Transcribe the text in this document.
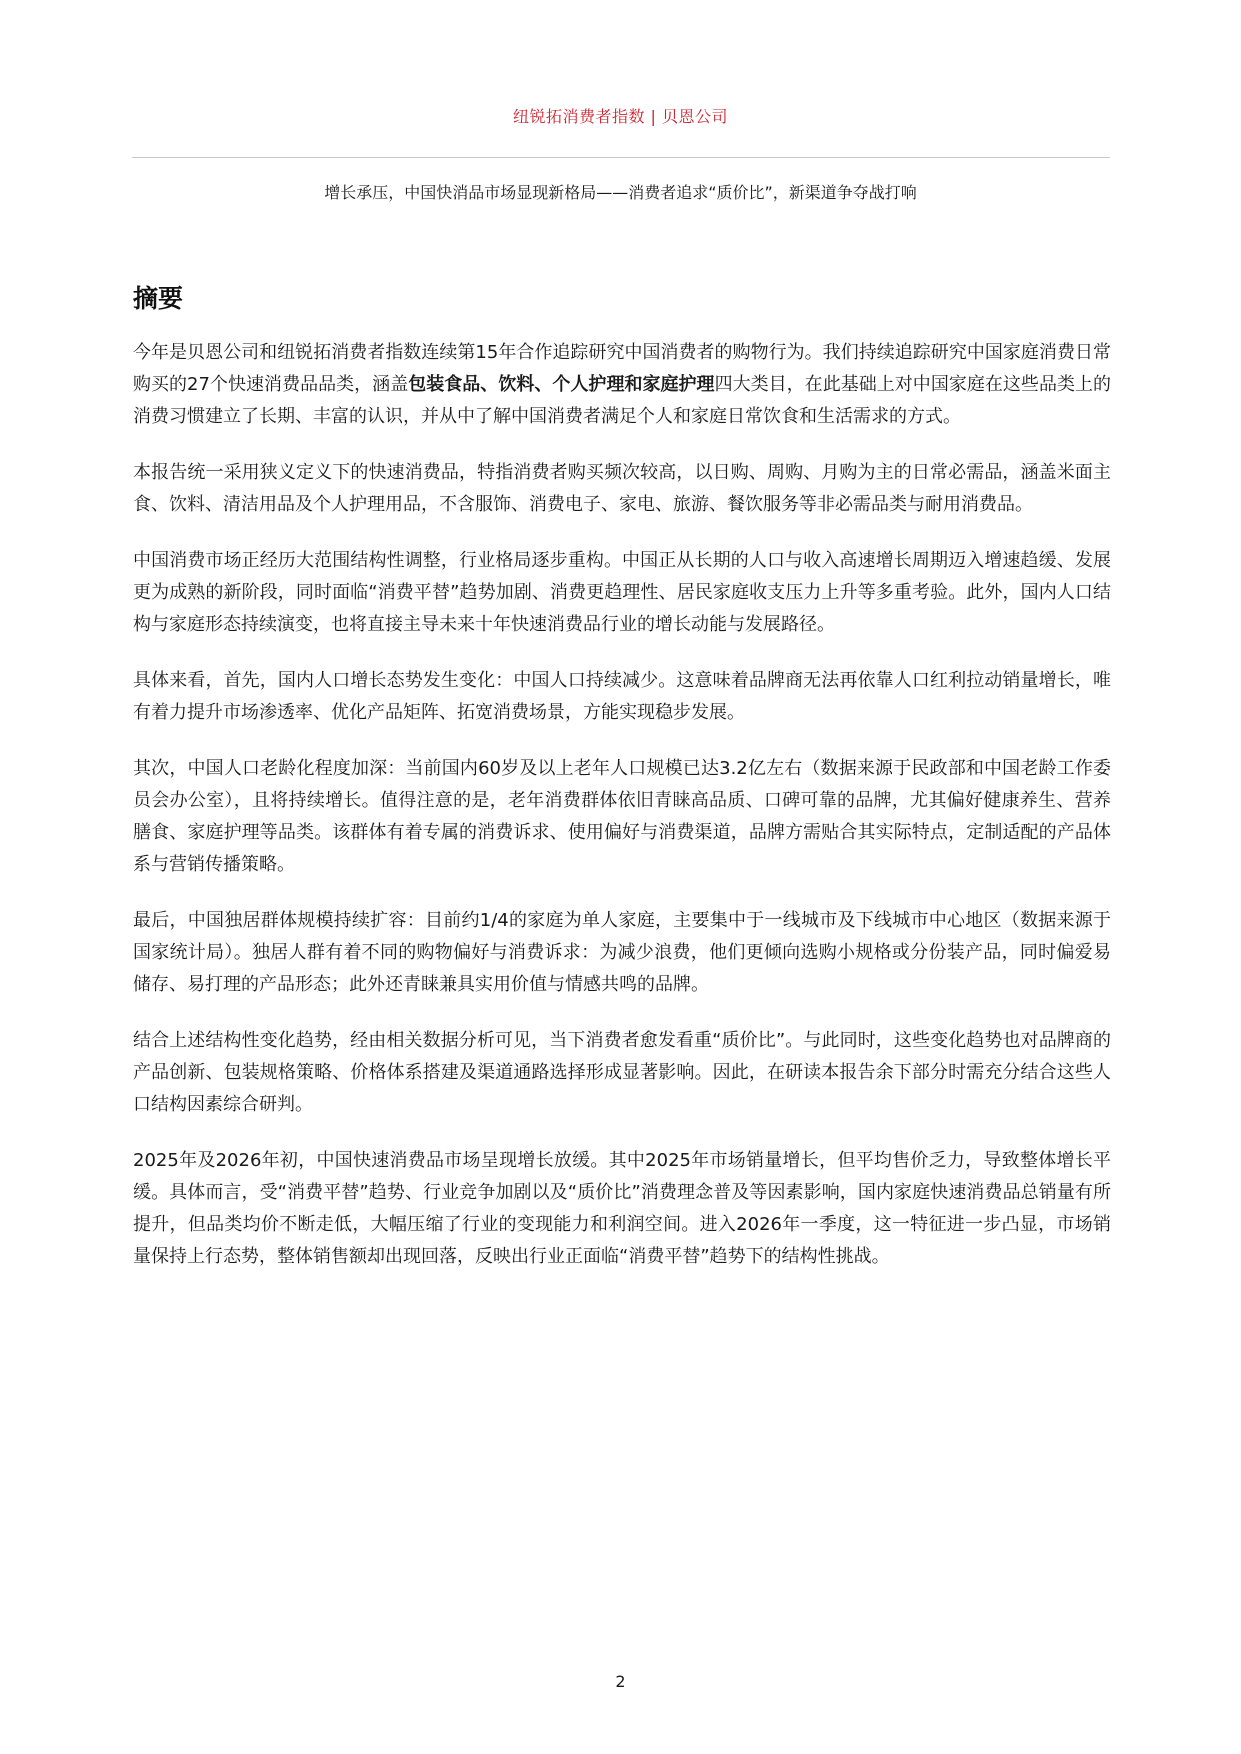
纽锐拓消费者指数 | 贝恩公司
增长承压，中国快消品市场显现新格局——消费者追求“质价比”，新渠道争夺战打响
摘要

今年是贝恩公司和纽锐拓消费者指数连续第15年合作追踪研究中国消费者的购物行为。我们持续追踪研究中国家庭消费日常购买的27个快速消费品品类，涵盖包装食品、饮料、个人护理和家庭护理四大类目，在此基础上对中国家庭在这些品类上的消费习惯建立了长期、丰富的认识，并从中了解中国消费者满足个人和家庭日常饮食和生活需求的方式。

本报告统一采用狭义定义下的快速消费品，特指消费者购买频次较高，以日购、周购、月购为主的日常必需品，涵盖米面主食、饮料、清洁用品及个人护理用品，不含服饰、消费电子、家电、旅游、餐饮服务等非必需品类与耐用消费品。

中国消费市场正经历大范围结构性调整，行业格局逐步重构。中国正从长期的人口与收入高速增长周期迈入增速趋缓、发展更为成熟的新阶段，同时面临“消费平替”趋势加剧、消费更趋理性、居民家庭收支压力上升等多重考验。此外，国内人口结构与家庭形态持续演变，也将直接主导未来十年快速消费品行业的增长动能与发展路径。

具体来看，首先，国内人口增长态势发生变化：中国人口持续减少。这意味着品牌商无法再依靠人口红利拉动销量增长，唯有着力提升市场渗透率、优化产品矩阵、拓宽消费场景，方能实现稳步发展。

其次，中国人口老龄化程度加深：当前国内60岁及以上老年人口规模已达3.2亿左右（数据来源于民政部和中国老龄工作委员会办公室），且将持续增长。值得注意的是，老年消费群体依旧青睐高品质、口碑可靠的品牌，尤其偏好健康养生、营养膳食、家庭护理等品类。该群体有着专属的消费诉求、使用偏好与消费渠道，品牌方需贴合其实际特点，定制适配的产品体系与营销传播策略。

最后，中国独居群体规模持续扩容：目前约1/4的家庭为单人家庭，主要集中于一线城市及下线城市中心地区（数据来源于国家统计局）。独居人群有着不同的购物偏好与消费诉求：为减少浪费，他们更倾向选购小规格或分份装产品，同时偏爱易储存、易打理的产品形态；此外还青睐兼具实用价值与情感共鸣的品牌。

结合上述结构性变化趋势，经由相关数据分析可见，当下消费者愈发看重“质价比”。与此同时，这些变化趋势也对品牌商的产品创新、包装规格策略、价格体系搭建及渠道通路选择形成显著影响。因此，在研读本报告余下部分时需充分结合这些人口结构因素综合研判。

2025年及2026年初，中国快速消费品市场呈现增长放缓。其中2025年市场销量增长，但平均售价乏力，导致整体增长平缓。具体而言，受“消费平替”趋势、行业竞争加剧以及“质价比”消费理念普及等因素影响，国内家庭快速消费品总销量有所提升，但品类均价不断走低，大幅压缩了行业的变现能力和利润空间。进入2026年一季度，这一特征进一步凸显，市场销量保持上行态势，整体销售额却出现回落，反映出行业正面临“消费平替”趋势下的结构性挑战。

2
